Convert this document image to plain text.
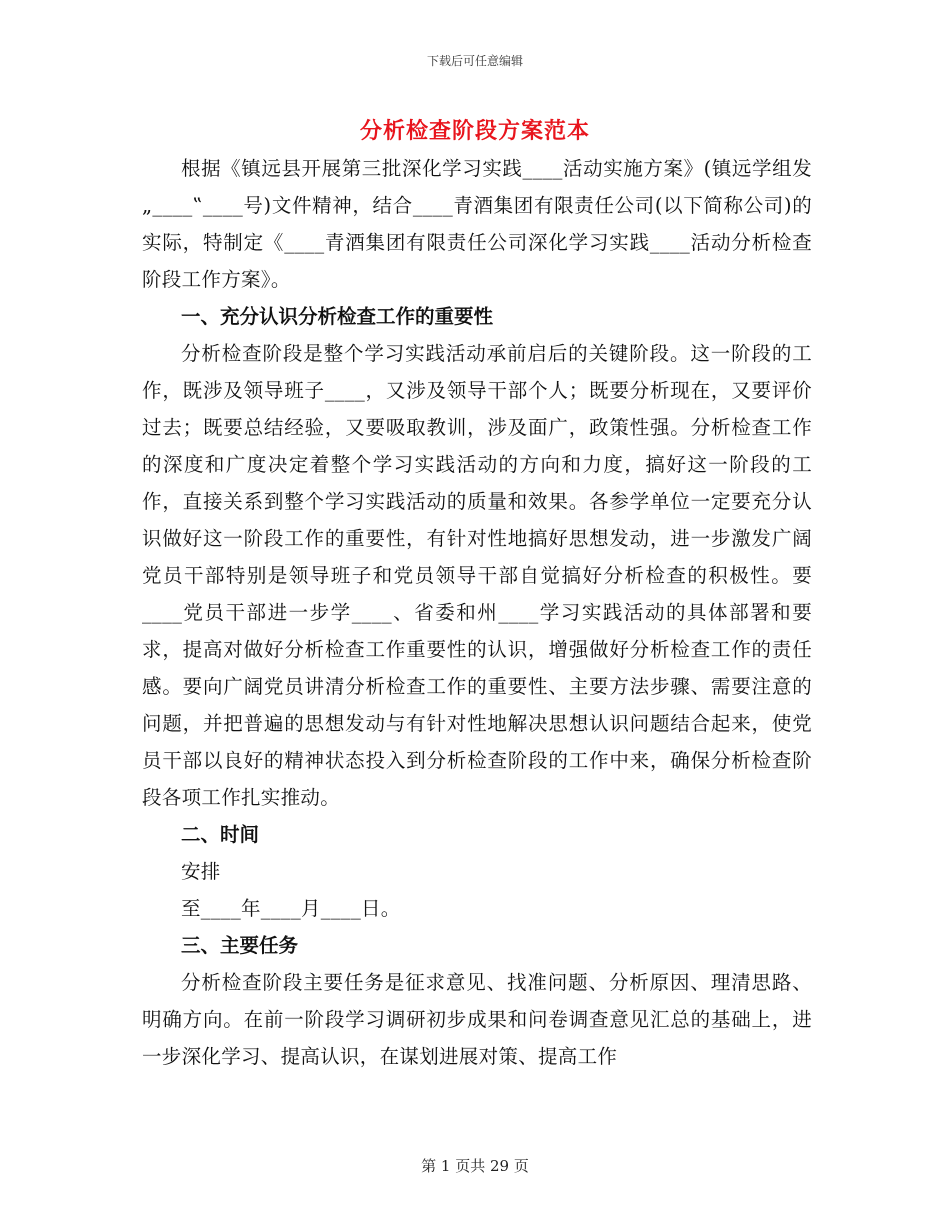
下载后可任意编辑
分析检查阶段方案范本

根据《镇远县开展第三批深化学习实践____活动实施方案》(镇远学组发„____‟____号)文件精神，结合____青酒集团有限责任公司(以下简称公司)的实际，特制定《____青酒集团有限责任公司深化学习实践____活动分析检查阶段工作方案》。

一、充分认识分析检查工作的重要性

分析检查阶段是整个学习实践活动承前启后的关键阶段。这一阶段的工作，既涉及领导班子____，又涉及领导干部个人；既要分析现在，又要评价过去；既要总结经验，又要吸取教训，涉及面广，政策性强。分析检查工作的深度和广度决定着整个学习实践活动的方向和力度，搞好这一阶段的工作，直接关系到整个学习实践活动的质量和效果。各参学单位一定要充分认识做好这一阶段工作的重要性，有针对性地搞好思想发动，进一步激发广阔党员干部特别是领导班子和党员领导干部自觉搞好分析检查的积极性。要____党员干部进一步学____、省委和州____学习实践活动的具体部署和要求，提高对做好分析检查工作重要性的认识，增强做好分析检查工作的责任感。要向广阔党员讲清分析检查工作的重要性、主要方法步骤、需要注意的问题，并把普遍的思想发动与有针对性地解决思想认识问题结合起来，使党员干部以良好的精神状态投入到分析检查阶段的工作中来，确保分析检查阶段各项工作扎实推动。

二、时间

安排

至____年____月____日。

三、主要任务

分析检查阶段主要任务是征求意见、找准问题、分析原因、理清思路、明确方向。在前一阶段学习调研初步成果和问卷调查意见汇总的基础上，进一步深化学习、提高认识，在谋划进展对策、提高工作

第 1 页共 29 页
